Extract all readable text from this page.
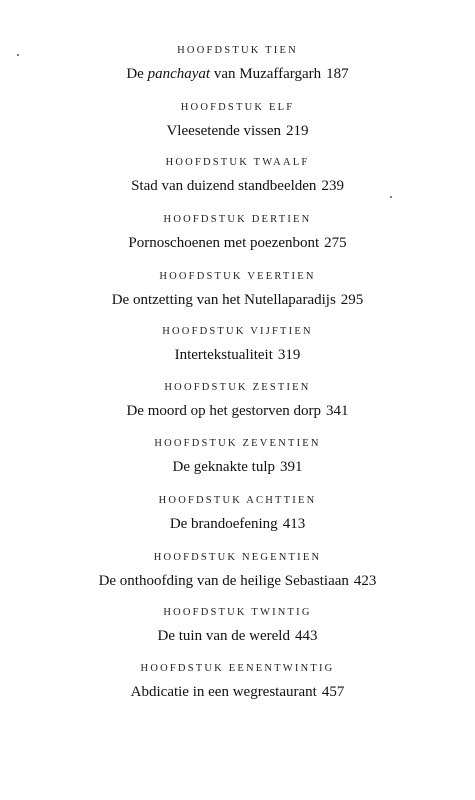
HOOFDSTUK TIEN
De panchayat van Muzaffargarh 187
HOOFDSTUK ELF
Vleesetende vissen 219
HOOFDSTUK TWAALF
Stad van duizend standbeelden 239
HOOFDSTUK DERTIEN
Pornoschoenen met poezenbont 275
HOOFDSTUK VEERTIEN
De ontzetting van het Nutellaparadijs 295
HOOFDSTUK VIJFTIEN
Intertekstualiteit 319
HOOFDSTUK ZESTIEN
De moord op het gestorven dorp 341
HOOFDSTUK ZEVENTIEN
De geknakte tulp 391
HOOFDSTUK ACHTTIEN
De brandoefening 413
HOOFDSTUK NEGENTIEN
De onthoofding van de heilige Sebastiaan 423
HOOFDSTUK TWINTIG
De tuin van de wereld 443
HOOFDSTUK EENENTWINTIG
Abdicatie in een wegrestaurant 457
